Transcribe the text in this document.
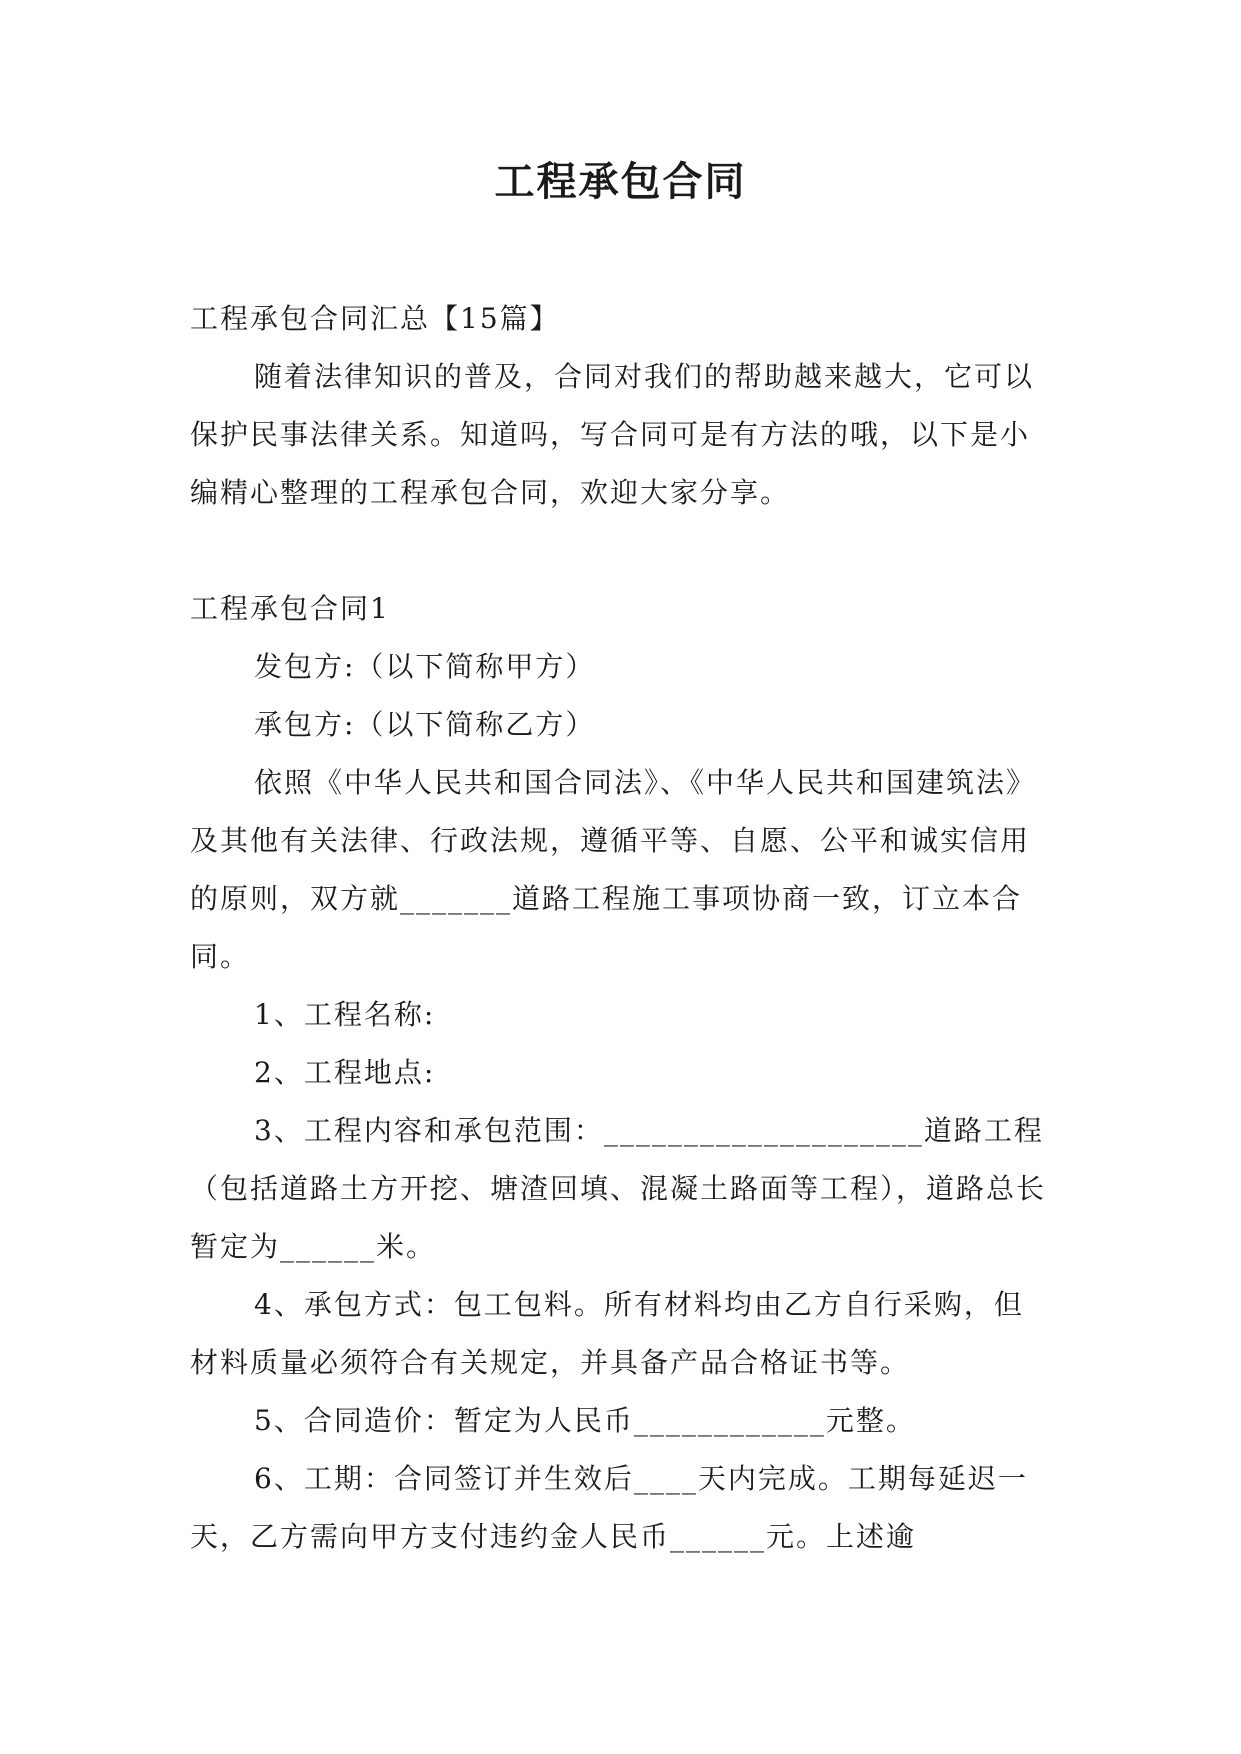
工程承包合同

工程承包合同汇总【15篇】

随着法律知识的普及，合同对我们的帮助越来越大，它可以保护民事法律关系。知道吗，写合同可是有方法的哦，以下是小编精心整理的工程承包合同，欢迎大家分享。

工程承包合同1

发包方:（以下简称甲方）

承包方:（以下简称乙方）

依照《中华人民共和国合同法》、《中华人民共和国建筑法》及其他有关法律、行政法规，遵循平等、自愿、公平和诚实信用的原则，双方就_______道路工程施工事项协商一致，订立本合同。

1、工程名称:

2、工程地点:

3、工程内容和承包范围：____________________道路工程（包括道路土方开挖、塘渣回填、混凝土路面等工程），道路总长暂定为______米。

4、承包方式：包工包料。所有材料均由乙方自行采购，但材料质量必须符合有关规定，并具备产品合格证书等。

5、合同造价：暂定为人民币____________元整。

6、工期：合同签订并生效后____天内完成。工期每延迟一天，乙方需向甲方支付违约金人民币______元。上述逾
